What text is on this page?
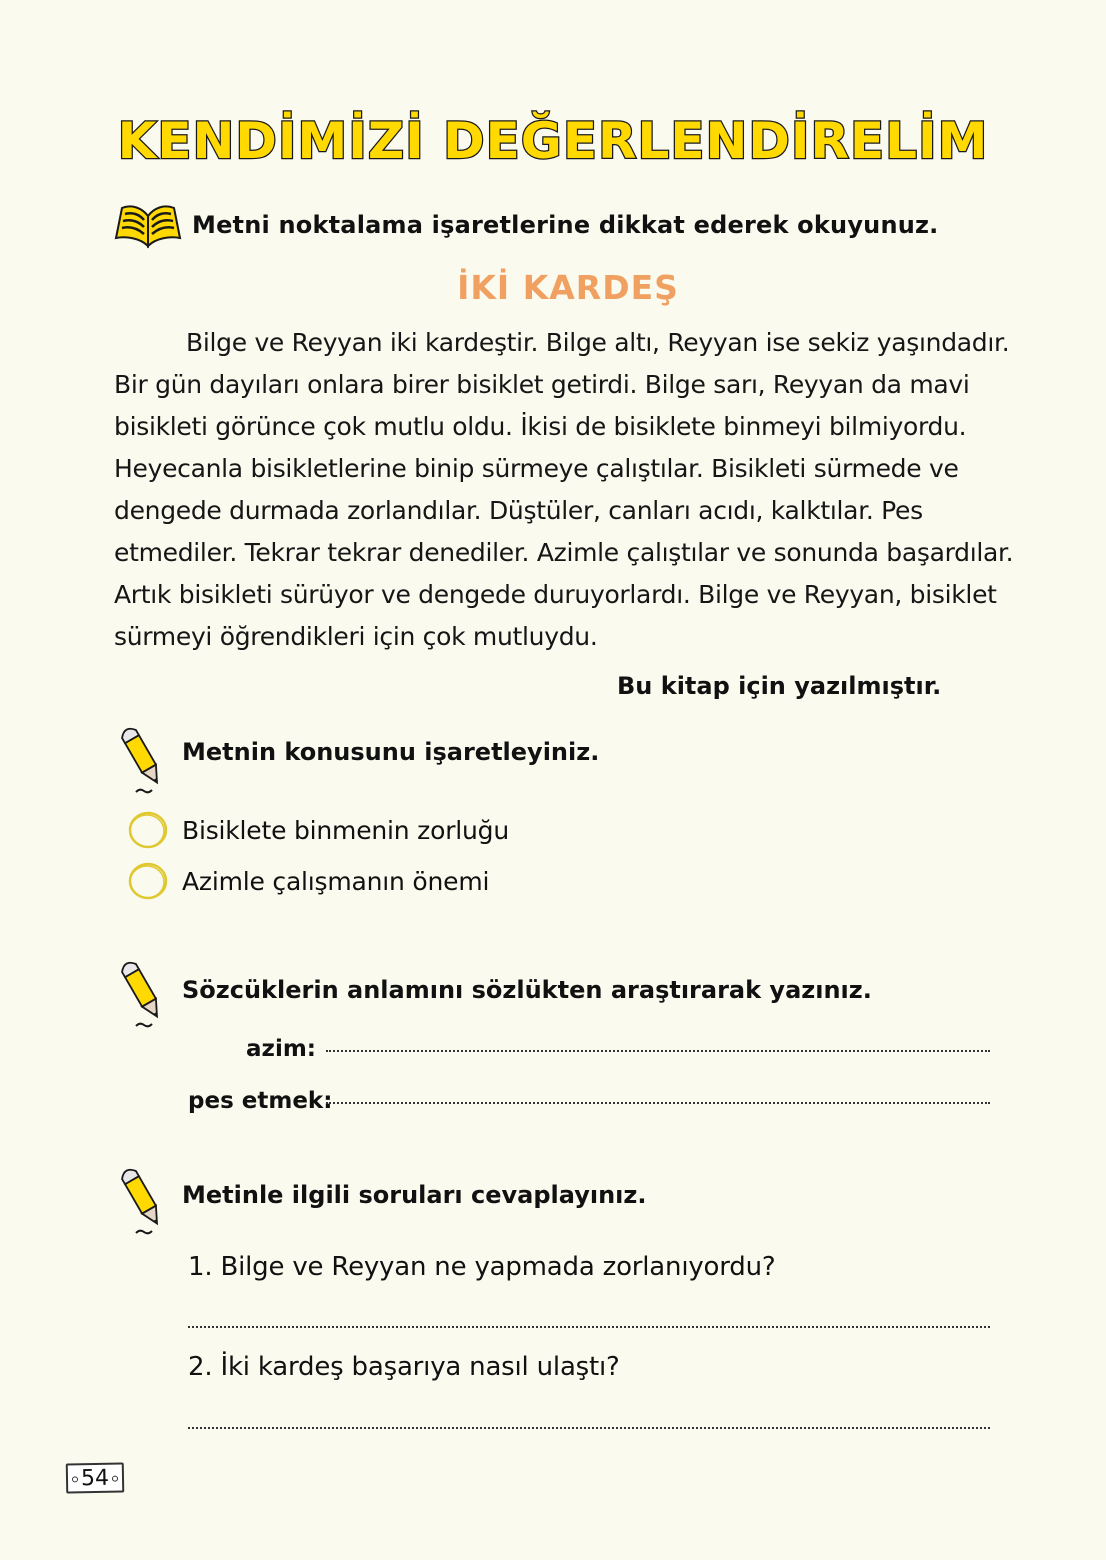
KENDİMİZİ DEĞERLENDİRELİM
Metni noktalama işaretlerine dikkat ederek okuyunuz.
İKİ KARDEŞ
Bilge ve Reyyan iki kardeştir. Bilge altı, Reyyan ise sekiz yaşındadır.
Bir gün dayıları onlara birer bisiklet getirdi. Bilge sarı, Reyyan da mavi
bisikleti görünce çok mutlu oldu. İkisi de bisiklete binmeyi bilmiyordu.
Heyecanla bisikletlerine binip sürmeye çalıştılar. Bisikleti sürmede ve
dengede durmada zorlandılar. Düştüler, canları acıdı, kalktılar. Pes
etmediler. Tekrar tekrar denediler. Azimle çalıştılar ve sonunda başardılar.
Artık bisikleti sürüyor ve dengede duruyorlardı. Bilge ve Reyyan, bisiklet
sürmeyi öğrendikleri için çok mutluydu.
Bu kitap için yazılmıştır.
Metnin konusunu işaretleyiniz.
Bisiklete binmenin zorluğu
Azimle çalışmanın önemi
Sözcüklerin anlamını sözlükten araştırarak yazınız.
azim:
pes etmek:
Metinle ilgili soruları cevaplayınız.
1. Bilge ve Reyyan ne yapmada zorlanıyordu?
2. İki kardeş başarıya nasıl ulaştı?
54
